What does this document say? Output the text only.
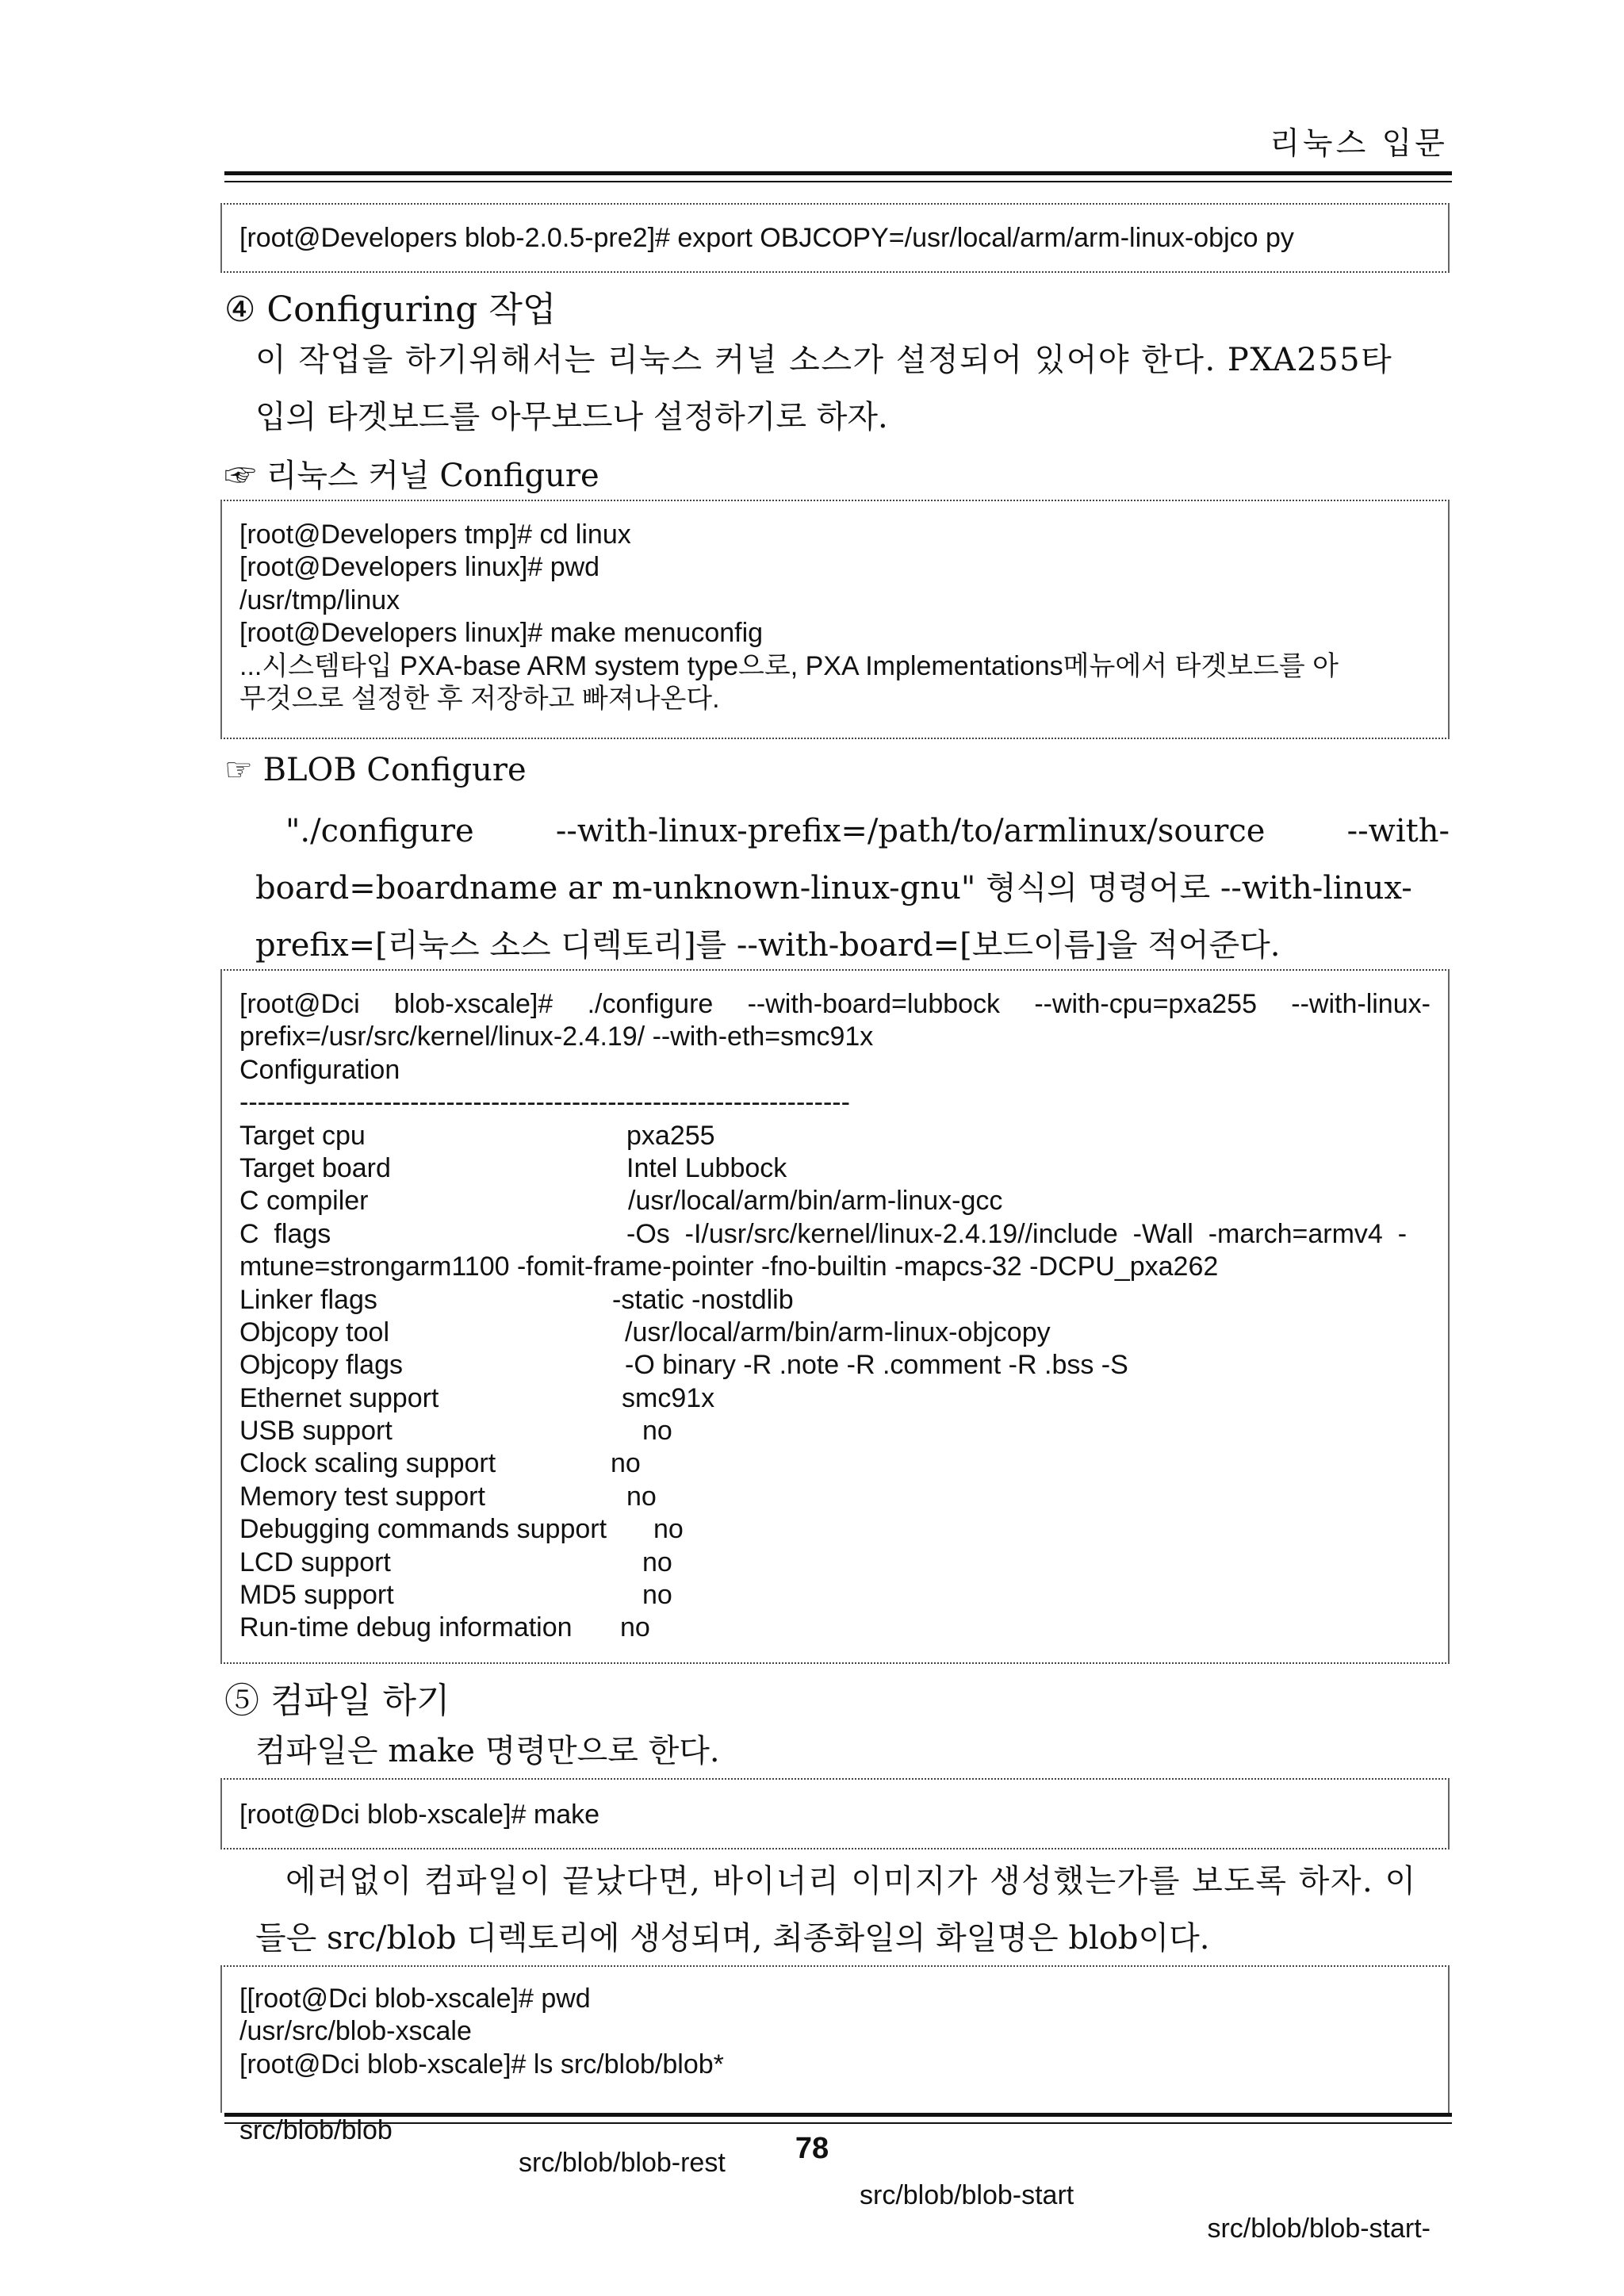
리눅스 입문
[root@Developers blob-2.0.5-pre2]# export OBJCOPY=/usr/local/arm/arm-linux-objco py
④ Configuring 작업
이 작업을 하기위해서는 리눅스 커널 소스가 설정되어 있어야 한다. PXA255타
입의 타겟보드를 아무보드나 설정하기로 하자.
☞ 리눅스 커널 Configure
[root@Developers tmp]# cd linux
[root@Developers linux]# pwd
/usr/tmp/linux
[root@Developers linux]# make menuconfig
...시스템타입 PXA-base ARM system type으로, PXA Implementations메뉴에서 타겟보드를 아
무것으로 설정한 후 저장하고 빠져나온다.
☞ BLOB Configure
"./configure	--with-linux-prefix=/path/to/armlinux/source	--with-
board=boardname ar m-unknown-linux-gnu" 형식의 명령어로 --with-linux-
prefix=[리눅스 소스 디렉토리]를 --with-board=[보드이름]을 적어준다.
[root@Dci blob-xscale]# ./configure --with-board=lubbock --with-cpu=pxa255 --with-linux-
prefix=/usr/src/kernel/linux-2.4.19/ --with-eth=smc91x
Configuration
--------------------------------------------------------------------
Target cpu	pxa255
Target board	Intel Lubbock
C compiler	/usr/local/arm/bin/arm-linux-gcc
C  flags	-Os  -I/usr/src/kernel/linux-2.4.19//include  -Wall  -march=armv4  -
mtune=strongarm1100 -fomit-frame-pointer -fno-builtin -mapcs-32 -DCPU_pxa262
Linker flags	-static -nostdlib
Objcopy tool	/usr/local/arm/bin/arm-linux-objcopy
Objcopy flags	-O binary -R .note -R .comment -R .bss -S
Ethernet support	smc91x
USB support	no
Clock scaling support	no
Memory test support	no
Debugging commands support no
LCD support	no
MD5 support	no
Run-time debug information no
⑤ 컴파일 하기
컴파일은 make 명령만으로 한다.
[root@Dci blob-xscale]# make
에러없이 컴파일이 끝났다면, 바이너리 이미지가 생성했는가를 보도록 하자. 이
들은 src/blob 디렉토리에 생성되며, 최종화일의 화일명은 blob이다.
[[root@Dci blob-xscale]# pwd
/usr/src/blob-xscale
[root@Dci blob-xscale]# ls src/blob/blob*

src/blob/blob

src/blob/blob-rest

src/blob/blob-start

src/blob/blob-start-

78
